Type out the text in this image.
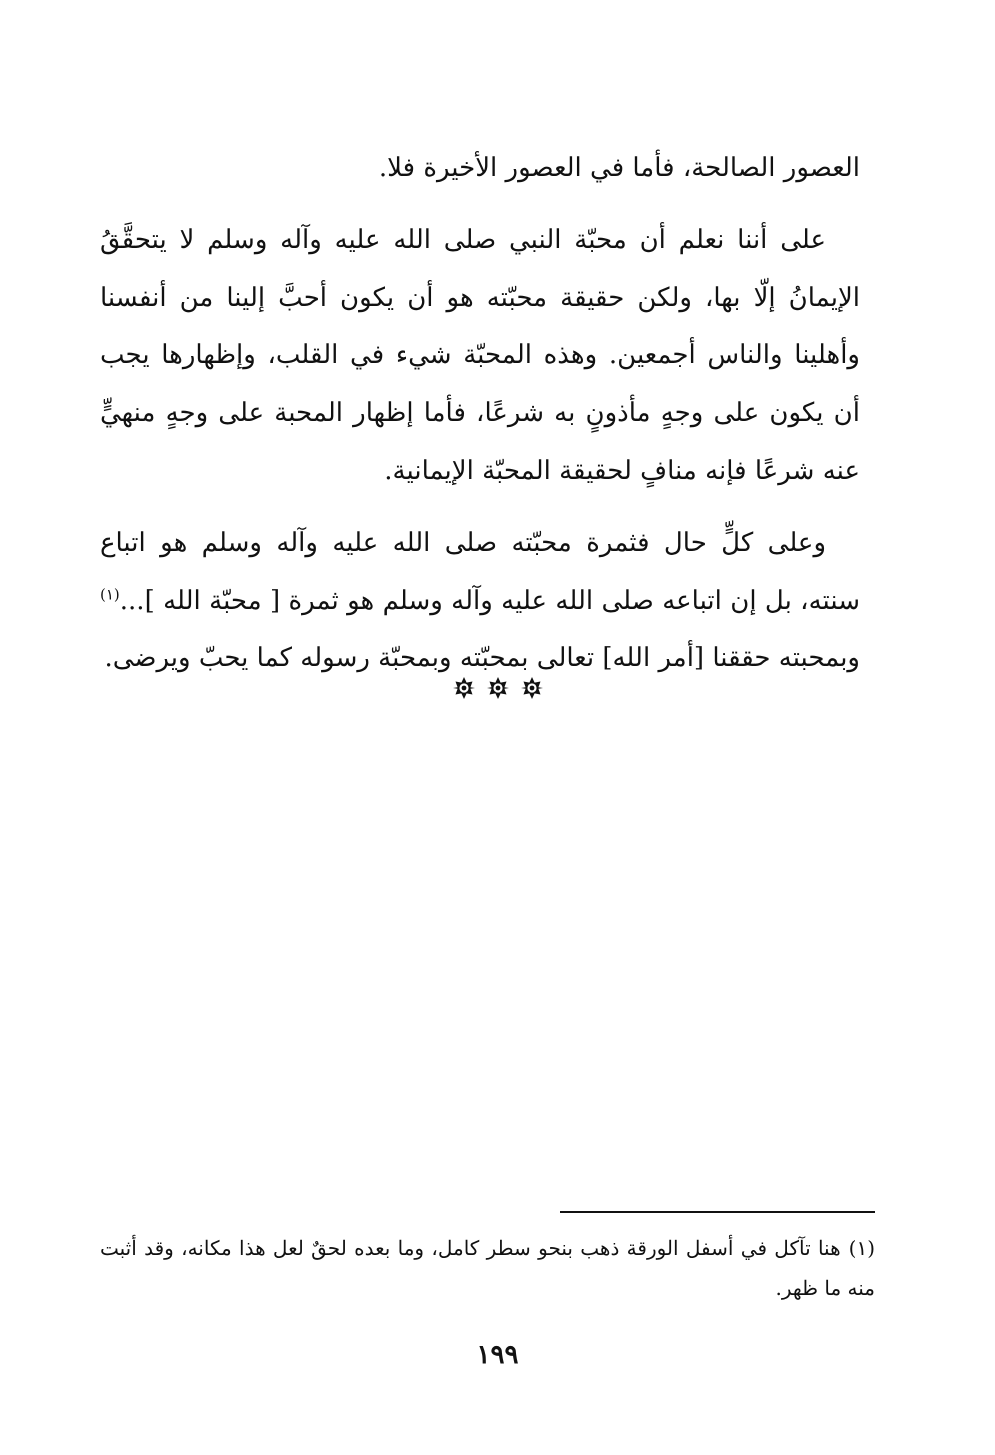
العصور الصالحة، فأما في العصور الأخيرة فلا.

على أننا نعلم أن محبّة النبي صلى الله عليه وآله وسلم لا يتحقَّقُ الإيمانُ إلّا بها، ولكن حقيقة محبّته هو أن يكون أحبَّ إلينا من أنفسنا وأهلينا والناس أجمعين. وهذه المحبّة شيء في القلب، وإظهارها يجب أن يكون على وجهٍ مأذونٍ به شرعًا، فأما إظهار المحبة على وجهٍ منهيٍّ عنه شرعًا فإنه منافٍ لحقيقة المحبّة الإيمانية.

وعلى كلٍّ حال فثمرة محبّته صلى الله عليه وآله وسلم هو اتباع سنته، بل إن اتباعه صلى الله عليه وآله وسلم هو ثمرة [ محبّة الله ]...$^{(١)}$ وبمحبته حققنا [أمر الله] تعالى بمحبّته وبمحبّة رسوله كما يحبّ ويرضى.

(١)هنا تآكل في أسفل الورقة ذهب بنحو سطر كامل، وما بعده لحقٌ لعل هذا مكانه، وقد أثبت منه ما ظهر.
١٩٩
